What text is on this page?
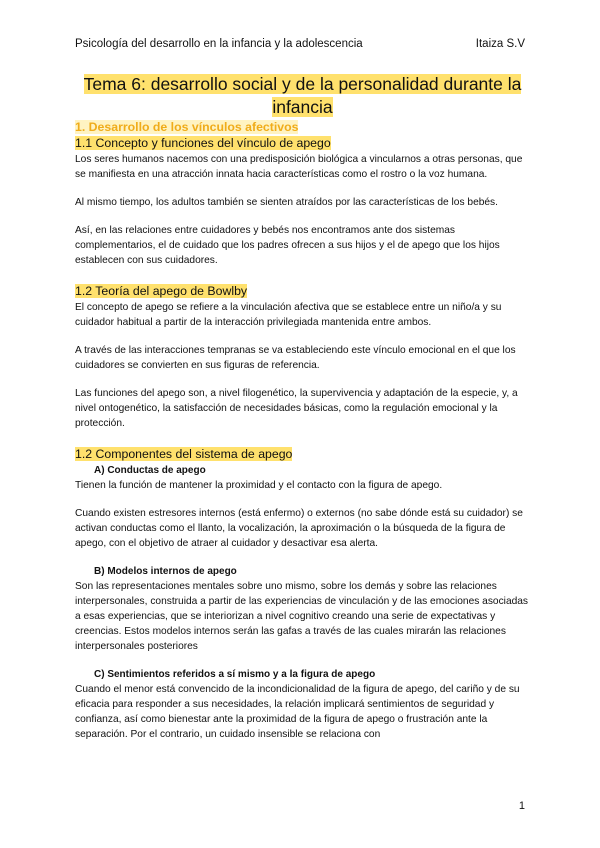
Psicología del desarrollo en la infancia y la adolescencia	Itaiza S.V
Tema 6: desarrollo social y de la personalidad durante la infancia

1. Desarrollo de los vínculos afectivos

1.1 Concepto y funciones del vínculo de apego

Los seres humanos nacemos con una predisposición biológica a vincularnos a otras personas, que se manifiesta en una atracción innata hacia características como el rostro o la voz humana.

Al mismo tiempo, los adultos también se sienten atraídos por las características de los bebés.

Así, en las relaciones entre cuidadores y bebés nos encontramos ante dos sistemas complementarios, el de cuidado que los padres ofrecen a sus hijos y el de apego que los hijos establecen con sus cuidadores.

1.2 Teoría del apego de Bowlby

El concepto de apego se refiere a la vinculación afectiva que se establece entre un niño/a y su cuidador habitual a partir de la interacción privilegiada mantenida entre ambos.

A través de las interacciones tempranas se va estableciendo este vínculo emocional en el que los cuidadores se convierten en sus figuras de referencia.

Las funciones del apego son, a nivel filogenético, la supervivencia y adaptación de la especie, y, a nivel ontogenético, la satisfacción de necesidades básicas, como la regulación emocional y la protección.

1.2 Componentes del sistema de apego

A) Conductas de apego

Tienen la función de mantener la proximidad y el contacto con la figura de apego.

Cuando existen estresores internos (está enfermo) o externos (no sabe dónde está su cuidador) se activan conductas como el llanto, la vocalización, la aproximación o la búsqueda de la figura de apego, con el objetivo de atraer al cuidador y desactivar esa alerta.

B) Modelos internos de apego

Son las representaciones mentales sobre uno mismo, sobre los demás y sobre las relaciones interpersonales, construida a partir de las experiencias de vinculación y de las emociones asociadas a esas experiencias, que se interiorizan a nivel cognitivo creando una serie de expectativas y creencias. Estos modelos internos serán las gafas a través de las cuales mirarán las relaciones interpersonales posteriores

C) Sentimientos referidos a sí mismo y a la figura de apego

Cuando el menor está convencido de la incondicionalidad de la figura de apego, del cariño y de su eficacia para responder a sus necesidades, la relación implicará sentimientos de seguridad y confianza, así como bienestar ante la proximidad de la figura de apego o frustración ante la separación. Por el contrario, un cuidado insensible se relaciona con

1
